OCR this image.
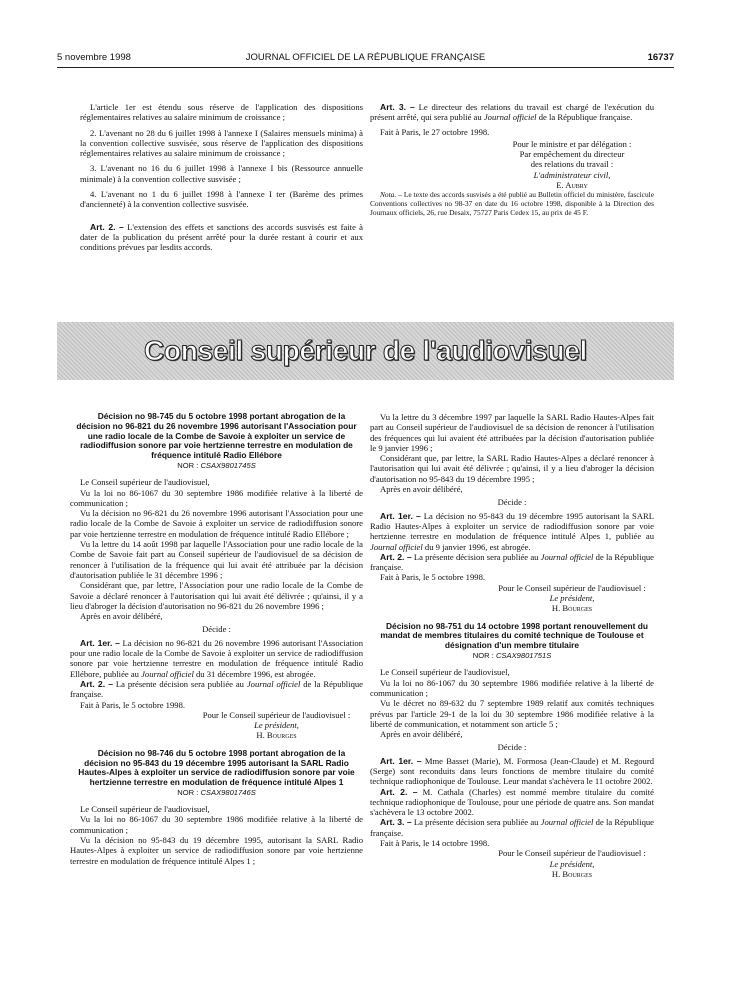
5 novembre 1998	JOURNAL OFFICIEL DE LA RÉPUBLIQUE FRANÇAISE	16737

L'article 1er est étendu sous réserve de l'application des dispositions réglementaires relatives au salaire minimum de croissance ;

2. L'avenant no 28 du 6 juillet 1998 à l'annexe I (Salaires mensuels minima) à la convention collective susvisée, sous réserve de l'application des dispositions réglementaires relatives au salaire minimum de croissance ;

3. L'avenant no 16 du 6 juillet 1998 à l'annexe I bis (Ressource annuelle minimale) à la convention collective susvisée ;

4. L'avenant no 1 du 6 juillet 1998 à l'annexe I ter (Barème des primes d'ancienneté) à la convention collective susvisée.

Art. 2. – L'extension des effets et sanctions des accords susvisés est faite à dater de la publication du présent arrêté pour la durée restant à courir et aux conditions prévues par lesdits accords.

Art. 3. – Le directeur des relations du travail est chargé de l'exécution du présent arrêté, qui sera publié au Journal officiel de la République française.

Fait à Paris, le 27 octobre 1998.

Pour le ministre et par délégation :

Par empêchement du directeur

des relations du travail :

L'administrateur civil,

E. Aubry

Nota. – Le texte des accords susvisés a été publié au Bulletin officiel du ministère, fascicule Conventions collectives no 98-37 en date du 16 octobre 1998, disponible à la Direction des Journaux officiels, 26, rue Desaix, 75727 Paris Cedex 15, au prix de 45 F.

Conseil supérieur de l'audiovisuel

Décision no 98-745 du 5 octobre 1998 portant abrogation de la décision no 96-821 du 26 novembre 1996 autorisant l'Association pour une radio locale de la Combe de Savoie à exploiter un service de radiodiffusion sonore par voie hertzienne terrestre en modulation de fréquence intitulé Radio Ellébore

NOR : CSAX9801745S

Le Conseil supérieur de l'audiovisuel,

Vu la loi no 86-1067 du 30 septembre 1986 modifiée relative à la liberté de communication ;

Vu la décision no 96-821 du 26 novembre 1996 autorisant l'Association pour une radio locale de la Combe de Savoie à exploiter un service de radiodiffusion sonore par voie hertzienne terrestre en modulation de fréquence intitulé Radio Ellébore ;

Vu la lettre du 14 août 1998 par laquelle l'Association pour une radio locale de la Combe de Savoie fait part au Conseil supérieur de l'audiovisuel de sa décision de renoncer à l'utilisation de la fréquence qui lui avait été attribuée par la décision d'autorisation publiée le 31 décembre 1996 ;

Considérant que, par lettre, l'Association pour une radio locale de la Combe de Savoie a déclaré renoncer à l'autorisation qui lui avait été délivrée ; qu'ainsi, il y a lieu d'abroger la décision d'autorisation no 96-821 du 26 novembre 1996 ;

Après en avoir délibéré,

Décide :

Art. 1er. – La décision no 96-821 du 26 novembre 1996 autorisant l'Association pour une radio locale de la Combe de Savoie à exploiter un service de radiodiffusion sonore par voie hertzienne terrestre en modulation de fréquence intitulé Radio Ellébore, publiée au Journal officiel du 31 décembre 1996, est abrogée.

Art. 2. – La présente décision sera publiée au Journal officiel de la République française.

Fait à Paris, le 5 octobre 1998.

Pour le Conseil supérieur de l'audiovisuel :

Le président,

H. Bourges

Décision no 98-746 du 5 octobre 1998 portant abrogation de la décision no 95-843 du 19 décembre 1995 autorisant la SARL Radio Hautes-Alpes à exploiter un service de radiodiffusion sonore par voie hertzienne terrestre en modulation de fréquence intitulé Alpes 1

NOR : CSAX9801746S

Le Conseil supérieur de l'audiovisuel,

Vu la loi no 86-1067 du 30 septembre 1986 modifiée relative à la liberté de communication ;

Vu la décision no 95-843 du 19 décembre 1995, autorisant la SARL Radio Hautes-Alpes à exploiter un service de radiodiffusion sonore par voie hertzienne terrestre en modulation de fréquence intitulé Alpes 1 ;

Vu la lettre du 3 décembre 1997 par laquelle la SARL Radio Hautes-Alpes fait part au Conseil supérieur de l'audiovisuel de sa décision de renoncer à l'utilisation des fréquences qui lui avaient été attribuées par la décision d'autorisation publiée le 9 janvier 1996 ;

Considérant que, par lettre, la SARL Radio Hautes-Alpes a déclaré renoncer à l'autorisation qui lui avait été délivrée ; qu'ainsi, il y a lieu d'abroger la décision d'autorisation no 95-843 du 19 décembre 1995 ;

Après en avoir délibéré,

Décide :

Art. 1er. – La décision no 95-843 du 19 décembre 1995 autorisant la SARL Radio Hautes-Alpes à exploiter un service de radiodiffusion sonore par voie hertzienne terrestre en modulation de fréquence intitulé Alpes 1, publiée au Journal officiel du 9 janvier 1996, est abrogée.

Art. 2. – La présente décision sera publiée au Journal officiel de la République française.

Fait à Paris, le 5 octobre 1998.

Pour le Conseil supérieur de l'audiovisuel :

Le président,

H. Bourges

Décision no 98-751 du 14 octobre 1998 portant renouvellement du mandat de membres titulaires du comité technique de Toulouse et désignation d'un membre titulaire

NOR : CSAX9801751S

Le Conseil supérieur de l'audiovisuel,

Vu la loi no 86-1067 du 30 septembre 1986 modifiée relative à la liberté de communication ;

Vu le décret no 89-632 du 7 septembre 1989 relatif aux comités techniques prévus par l'article 29-1 de la loi du 30 septembre 1986 modifiée relative à la liberté de communication, et notamment son article 5 ;

Après en avoir délibéré,

Décide :

Art. 1er. – Mme Basset (Marie), M. Formosa (Jean-Claude) et M. Regourd (Serge) sont reconduits dans leurs fonctions de membre titulaire du comité technique radiophonique de Toulouse. Leur mandat s'achèvera le 11 octobre 2002.

Art. 2. – M. Cathala (Charles) est nommé membre titulaire du comité technique radiophonique de Toulouse, pour une période de quatre ans. Son mandat s'achèvera le 13 octobre 2002.

Art. 3. – La présente décision sera publiée au Journal officiel de la République française.

Fait à Paris, le 14 octobre 1998.

Pour le Conseil supérieur de l'audiovisuel :

Le président,

H. Bourges
